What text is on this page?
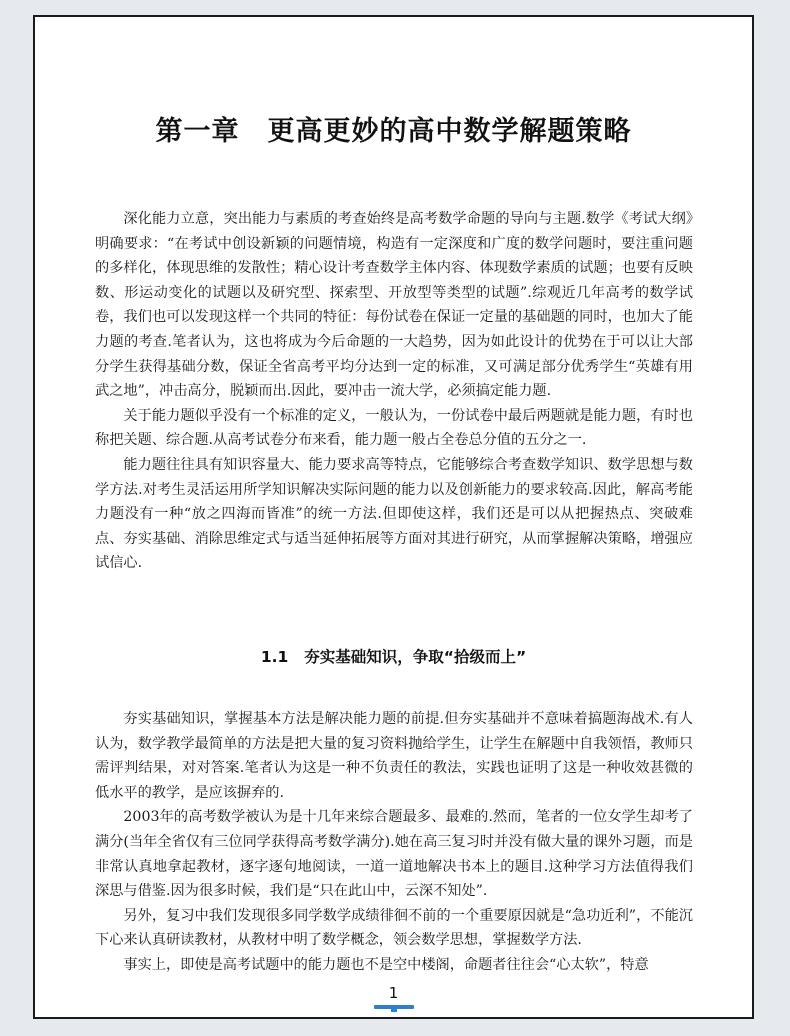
第一章　更高更妙的高中数学解题策略

深化能力立意，突出能力与素质的考查始终是高考数学命题的导向与主题.数学《考试大纲》明确要求：“在考试中创设新颖的问题情境，构造有一定深度和广度的数学问题时，要注重问题的多样化，体现思维的发散性；精心设计考查数学主体内容、体现数学素质的试题；也要有反映数、形运动变化的试题以及研究型、探索型、开放型等类型的试题”.综观近几年高考的数学试卷，我们也可以发现这样一个共同的特征：每份试卷在保证一定量的基础题的同时，也加大了能力题的考查.笔者认为，这也将成为今后命题的一大趋势，因为如此设计的优势在于可以让大部分学生获得基础分数，保证全省高考平均分达到一定的标准，又可满足部分优秀学生“英雄有用武之地”，冲击高分，脱颖而出.因此，要冲击一流大学，必须搞定能力题.

关于能力题似乎没有一个标准的定义，一般认为，一份试卷中最后两题就是能力题，有时也称把关题、综合题.从高考试卷分布来看，能力题一般占全卷总分值的五分之一.

能力题往往具有知识容量大、能力要求高等特点，它能够综合考查数学知识、数学思想与数学方法.对考生灵活运用所学知识解决实际问题的能力以及创新能力的要求较高.因此，解高考能力题没有一种“放之四海而皆准”的统一方法.但即使这样，我们还是可以从把握热点、突破难点、夯实基础、消除思维定式与适当延伸拓展等方面对其进行研究，从而掌握解决策略，增强应试信心.

1.1 夯实基础知识，争取“拾级而上”

夯实基础知识，掌握基本方法是解决能力题的前提.但夯实基础并不意味着搞题海战术.有人认为，数学教学最简单的方法是把大量的复习资料抛给学生，让学生在解题中自我领悟，教师只需评判结果，对对答案.笔者认为这是一种不负责任的教法，实践也证明了这是一种收效甚微的低水平的教学，是应该摒弃的.

2003年的高考数学被认为是十几年来综合题最多、最难的.然而，笔者的一位女学生却考了满分(当年全省仅有三位同学获得高考数学满分).她在高三复习时并没有做大量的课外习题，而是非常认真地拿起教材，逐字逐句地阅读，一道一道地解决书本上的题目.这种学习方法值得我们深思与借鉴.因为很多时候，我们是“只在此山中，云深不知处”.

另外，复习中我们发现很多同学数学成绩徘徊不前的一个重要原因就是“急功近利”，不能沉下心来认真研读教材，从教材中明了数学概念，领会数学思想，掌握数学方法.

事实上，即使是高考试题中的能力题也不是空中楼阁，命题者往往会“心太软”，特意

1
